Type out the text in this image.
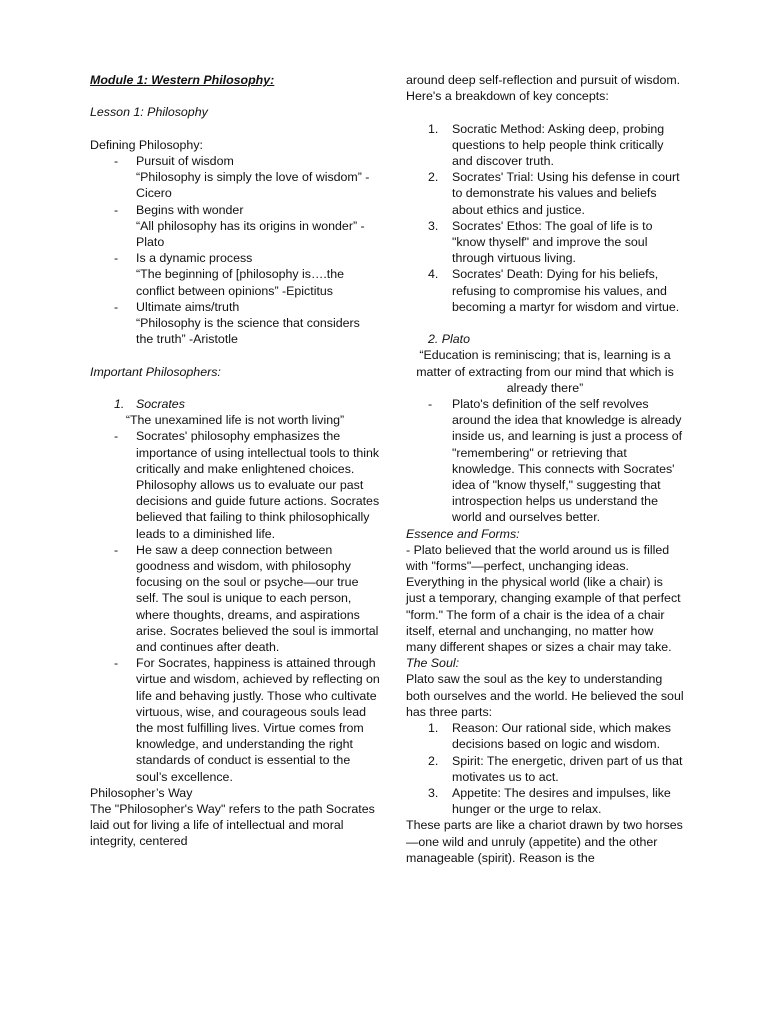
Module 1: Western Philosophy:

Lesson 1: Philosophy

Defining Philosophy:

- Pursuit of wisdom

“Philosophy is simply the love of wisdom” -Cicero

- Begins with wonder

“All philosophy has its origins in wonder” -Plato

- Is a dynamic process

“The beginning of [philosophy is….the conflict between opinions” -Epictitus

- Ultimate aims/truth

“Philosophy is the science that considers the truth” -Aristotle

Important Philosophers:

1. Socrates

“The unexamined life is not worth living”

- Socrates' philosophy emphasizes the importance of using intellectual tools to think critically and make enlightened choices. Philosophy allows us to evaluate our past decisions and guide future actions. Socrates believed that failing to think philosophically leads to a diminished life.

- He saw a deep connection between goodness and wisdom, with philosophy focusing on the soul or psyche—our true self. The soul is unique to each person, where thoughts, dreams, and aspirations arise. Socrates believed the soul is immortal and continues after death.

- For Socrates, happiness is attained through virtue and wisdom, achieved by reflecting on life and behaving justly. Those who cultivate virtuous, wise, and courageous souls lead the most fulfilling lives. Virtue comes from knowledge, and understanding the right standards of conduct is essential to the soul’s excellence.

Philosopher’s Way

The "Philosopher's Way" refers to the path Socrates laid out for living a life of intellectual and moral integrity, centered

around deep self-reflection and pursuit of wisdom. Here's a breakdown of key concepts:

1. Socratic Method: Asking deep, probing questions to help people think critically and discover truth.

2. Socrates' Trial: Using his defense in court to demonstrate his values and beliefs about ethics and justice.

3. Socrates' Ethos: The goal of life is to "know thyself" and improve the soul through virtuous living.

4. Socrates' Death: Dying for his beliefs, refusing to compromise his values, and becoming a martyr for wisdom and virtue.

2. Plato

“Education is reminiscing; that is, learning is a matter of extracting from our mind that which is already there”

- Plato's definition of the self revolves around the idea that knowledge is already inside us, and learning is just a process of "remembering" or retrieving that knowledge. This connects with Socrates' idea of "know thyself," suggesting that introspection helps us understand the world and ourselves better.

Essence and Forms:

- Plato believed that the world around us is filled with "forms"—perfect, unchanging ideas. Everything in the physical world (like a chair) is just a temporary, changing example of that perfect "form." The form of a chair is the idea of a chair itself, eternal and unchanging, no matter how many different shapes or sizes a chair may take.

The Soul:

Plato saw the soul as the key to understanding both ourselves and the world. He believed the soul has three parts:

1. Reason: Our rational side, which makes decisions based on logic and wisdom.

2. Spirit: The energetic, driven part of us that motivates us to act.

3. Appetite: The desires and impulses, like hunger or the urge to relax.

These parts are like a chariot drawn by two horses—one wild and unruly (appetite) and the other manageable (spirit). Reason is the
